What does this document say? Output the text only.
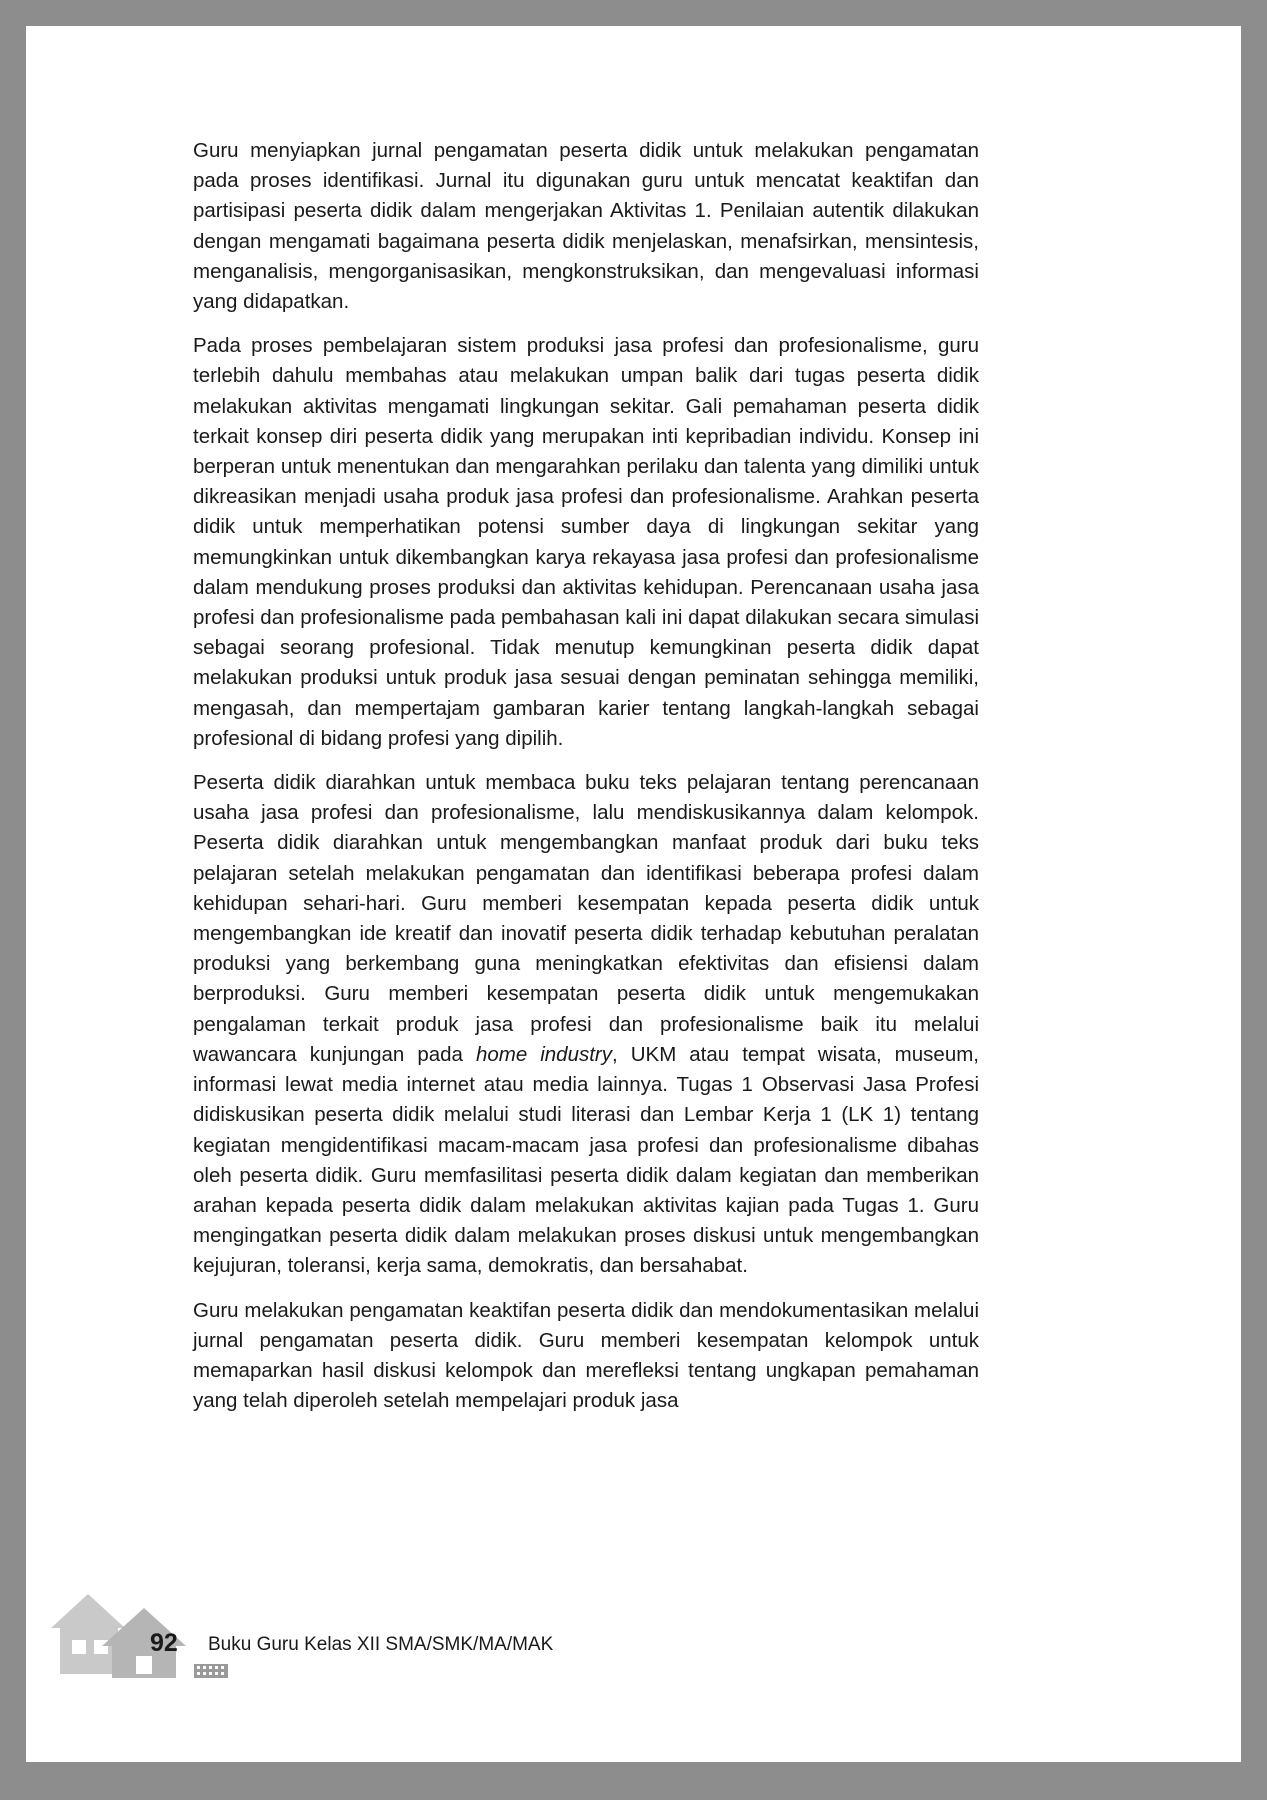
Guru menyiapkan jurnal pengamatan peserta didik untuk melakukan pengamatan pada proses identifikasi. Jurnal itu digunakan guru untuk mencatat keaktifan dan partisipasi peserta didik dalam mengerjakan Aktivitas 1. Penilaian autentik dilakukan dengan mengamati bagaimana peserta didik menjelaskan, menafsirkan, mensintesis, menganalisis, mengorganisasikan, mengkonstruksikan, dan mengevaluasi informasi yang didapatkan.

Pada proses pembelajaran sistem produksi jasa profesi dan profesionalisme, guru terlebih dahulu membahas atau melakukan umpan balik dari tugas peserta didik melakukan aktivitas mengamati lingkungan sekitar. Gali pemahaman peserta didik terkait konsep diri peserta didik yang merupakan inti kepribadian individu. Konsep ini berperan untuk menentukan dan mengarahkan perilaku dan talenta yang dimiliki untuk dikreasikan menjadi usaha produk jasa profesi dan profesionalisme. Arahkan peserta didik untuk memperhatikan potensi sumber daya di lingkungan sekitar yang memungkinkan untuk dikembangkan karya rekayasa jasa profesi dan profesionalisme dalam mendukung proses produksi dan aktivitas kehidupan. Perencanaan usaha jasa profesi dan profesionalisme pada pembahasan kali ini dapat dilakukan secara simulasi sebagai seorang profesional. Tidak menutup kemungkinan peserta didik dapat melakukan produksi untuk produk jasa sesuai dengan peminatan sehingga memiliki, mengasah, dan mempertajam gambaran karier tentang langkah-langkah sebagai profesional di bidang profesi yang dipilih.

Peserta didik diarahkan untuk membaca buku teks pelajaran tentang perencanaan usaha jasa profesi dan profesionalisme, lalu mendiskusikannya dalam kelompok. Peserta didik diarahkan untuk mengembangkan manfaat produk dari buku teks pelajaran setelah melakukan pengamatan dan identifikasi beberapa profesi dalam kehidupan sehari-hari. Guru memberi kesempatan kepada peserta didik untuk mengembangkan ide kreatif dan inovatif peserta didik terhadap kebutuhan peralatan produksi yang berkembang guna meningkatkan efektivitas dan efisiensi dalam berproduksi. Guru memberi kesempatan peserta didik untuk mengemukakan pengalaman terkait produk jasa profesi dan profesionalisme baik itu melalui wawancara kunjungan pada home industry, UKM atau tempat wisata, museum, informasi lewat media internet atau media lainnya. Tugas 1 Observasi Jasa Profesi didiskusikan peserta didik melalui studi literasi dan Lembar Kerja 1 (LK 1) tentang kegiatan mengidentifikasi macam-macam jasa profesi dan profesionalisme dibahas oleh peserta didik. Guru memfasilitasi peserta didik dalam kegiatan dan memberikan arahan kepada peserta didik dalam melakukan aktivitas kajian pada Tugas 1. Guru mengingatkan peserta didik dalam melakukan proses diskusi untuk mengembangkan kejujuran, toleransi, kerja sama, demokratis, dan bersahabat.

Guru melakukan pengamatan keaktifan peserta didik dan mendokumentasikan melalui jurnal pengamatan peserta didik. Guru memberi kesempatan kelompok untuk memaparkan hasil diskusi kelompok dan merefleksi tentang ungkapan pemahaman yang telah diperoleh setelah mempelajari produk jasa

92 Buku Guru Kelas XII SMA/SMK/MA/MAK
